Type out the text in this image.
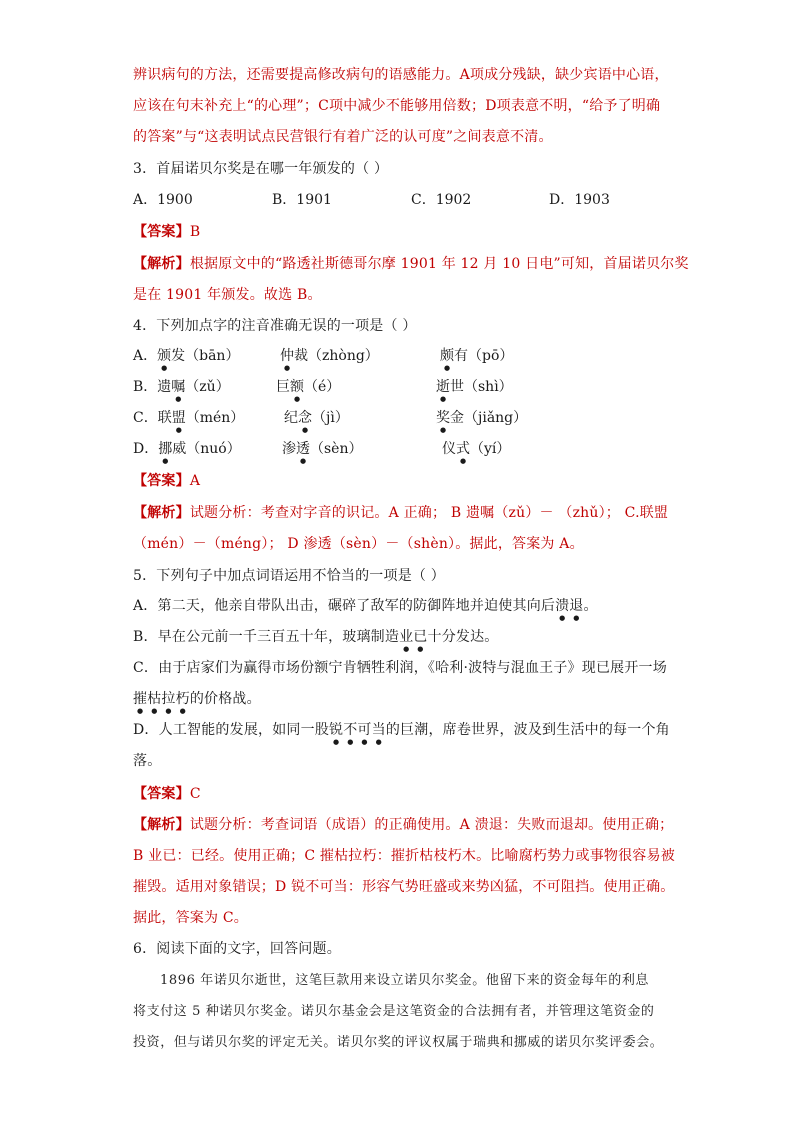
辨识病句的方法，还需要提高修改病句的语感能力。A项成分残缺，缺少宾语中心语，
应该在句末补充上“的心理”；C项中减少不能够用倍数；D项表意不明，“给予了明确
的答案”与“这表明试点民营银行有着广泛的认可度”之间表意不清。
3．首届诺贝尔奖是在哪一年颁发的（ ）
A．1900	B．1901	C．1902	D．1903
【答案】B
【解析】根据原文中的“路透社斯德哥尔摩 1901 年 12 月 10 日电”可知，首届诺贝尔奖
是在 1901 年颁发。故选 B。
4．下列加点字的注音准确无误的一项是（ ）
A．颁发（bān）	仲裁（zhòng）	颇有（pō）
B．遗嘱（zǔ）	巨额（é）	逝世（shì）
C．联盟（mén）	纪念（jì）	奖金（jiǎng）
D．挪威（nuó）	渗透（sèn）	仪式（yí）
【答案】A
【解析】试题分析：考查对字音的识记。A 正确； B 遗嘱（zǔ）－ （zhǔ）； C.联盟
（mén）－（méng）； D 渗透（sèn）－（shèn）。据此，答案为 A。
5．下列句子中加点词语运用不恰当的一项是（ ）
A．第二天，他亲自带队出击，碾碎了敌军的防御阵地并迫使其向后溃退。
B．早在公元前一千三百五十年，玻璃制造业已十分发达。
C．由于店家们为赢得市场份额宁肯牺牲利润，《哈利·波特与混血王子》现已展开一场
摧枯拉朽的价格战。
D．人工智能的发展，如同一股锐不可当的巨潮，席卷世界，波及到生活中的每一个角
落。
【答案】C
【解析】试题分析：考查词语（成语）的正确使用。A 溃退：失败而退却。使用正确；
B 业已：已经。使用正确；C 摧枯拉朽：摧折枯枝朽木。比喻腐朽势力或事物很容易被
摧毁。适用对象错误；D 锐不可当：形容气势旺盛或来势凶猛，不可阻挡。使用正确。
据此，答案为 C。
6．阅读下面的文字，回答问题。
1896 年诺贝尔逝世，这笔巨款用来设立诺贝尔奖金。他留下来的资金每年的利息
将支付这 5 种诺贝尔奖金。诺贝尔基金会是这笔资金的合法拥有者，并管理这笔资金的
投资，但与诺贝尔奖的评定无关。诺贝尔奖的评议权属于瑞典和挪威的诺贝尔奖评委会。
